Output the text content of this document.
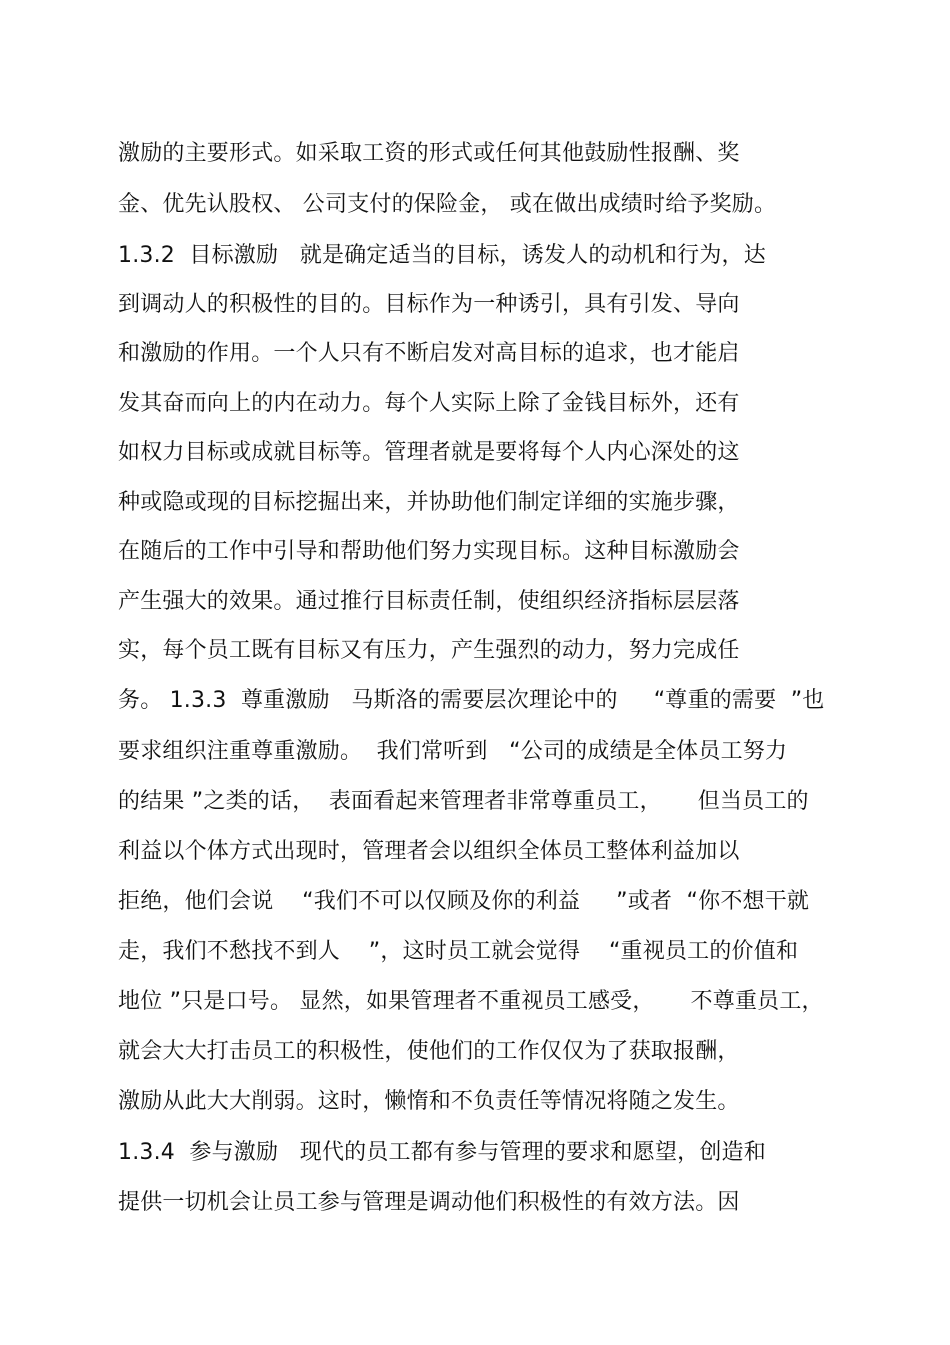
激励的主要形式。如采取工资的形式或任何其他鼓励性报酬、奖
金、优先认股权、 公司支付的保险金， 或在做出成绩时给予奖励。
1.3.2  目标激励   就是确定适当的目标，诱发人的动机和行为，达
到调动人的积极性的目的。目标作为一种诱引，具有引发、导向
和激励的作用。一个人只有不断启发对高目标的追求，也才能启
发其奋而向上的内在动力。每个人实际上除了金钱目标外，还有
如权力目标或成就目标等。管理者就是要将每个人内心深处的这
种或隐或现的目标挖掘出来，并协助他们制定详细的实施步骤，
在随后的工作中引导和帮助他们努力实现目标。这种目标激励会
产生强大的效果。通过推行目标责任制，使组织经济指标层层落
实，每个员工既有目标又有压力，产生强烈的动力，努力完成任
务。 1.3.3  尊重激励   马斯洛的需要层次理论中的     “尊重的需要  ”也
要求组织注重尊重激励。  我们常听到   “公司的成绩是全体员工努力
的结果 ”之类的话，  表面看起来管理者非常尊重员工，     但当员工的
利益以个体方式出现时，管理者会以组织全体员工整体利益加以
拒绝，他们会说    “我们不可以仅顾及你的利益     ”或者  “你不想干就
走，我们不愁找不到人    ”，这时员工就会觉得    “重视员工的价值和
地位 ”只是口号。 显然，如果管理者不重视员工感受，     不尊重员工，
就会大大打击员工的积极性，使他们的工作仅仅为了获取报酬，
激励从此大大削弱。这时，懒惰和不负责任等情况将随之发生。
1.3.4  参与激励   现代的员工都有参与管理的要求和愿望，创造和
提供一切机会让员工参与管理是调动他们积极性的有效方法。因
